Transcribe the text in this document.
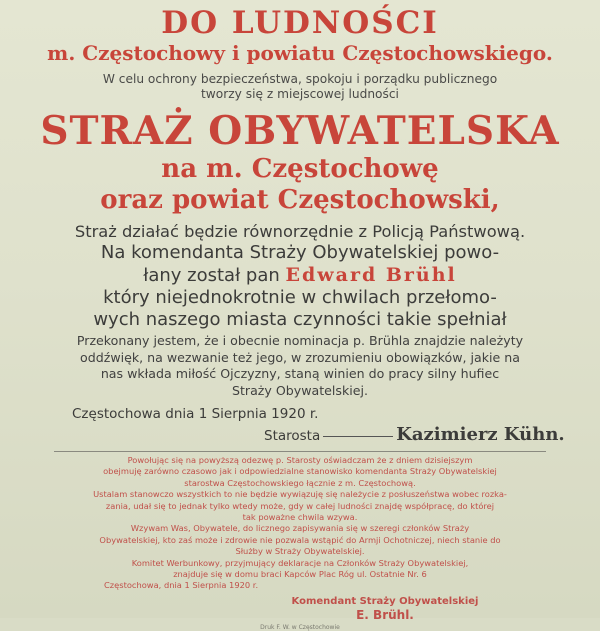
DO LUDNOŚCI

m. Częstochowy i powiatu Częstochowskiego.

W celu ochrony bezpieczeństwa, spokoju i porządku publicznego

tworzy się z miejscowej ludności

STRAŻ OBYWATELSKA

na m. Częstochowę

oraz powiat Częstochowski,

Straż działać będzie równorzędnie z Policją Państwową.

Na komendanta Straży Obywatelskiej powo-

łany został pan Edward Brühl

który niejednokrotnie w chwilach przełomo-

wych naszego miasta czynności takie spełniał

Przekonany jestem, że i obecnie nominacja p. Brühla znajdzie należyty

oddźwięk, na wezwanie też jego, w zrozumieniu obowiązków, jakie na

nas wkłada miłość Ojczyzny, staną winien do pracy silny hufiec

Straży Obywatelskiej.

Częstochowa dnia 1 Sierpnia 1920 r.

Starosta	Kazimierz Kühn.

Powołując się na powyższą odezwę p. Starosty oświadczam że z dniem dzisiejszym

obejmuję zarówno czasowo jak i odpowiedzialne stanowisko komendanta Straży Obywatelskiej

starostwa Częstochowskiego łącznie z m. Częstochową.

Ustalam stanowczo wszystkich to nie będzie wywiązuję się należycie z posłuszeństwa wobec rozka-

zania, udał się to jednak tylko wtedy może, gdy w całej ludności znajdę współpracę, do której

tak poważne chwila wzywa.

Wzywam Was, Obywatele, do licznego zapisywania się w szeregi członków Straży

Obywatelskiej, kto zaś może i zdrowie nie pozwala wstąpić do Armji Ochotniczej, niech stanie do

Służby w Straży Obywatelskiej.

Komitet Werbunkowy, przyjmujący deklaracje na Członków Straży Obywatelskiej,

znajduje się w domu braci Kapców Plac Róg ul. Ostatnie Nr. 6

Częstochowa, dnia 1 Sierpnia 1920 r.

Komendant Straży Obywatelskiej

E. Brühl.

Druk F. W. w Częstochowie
